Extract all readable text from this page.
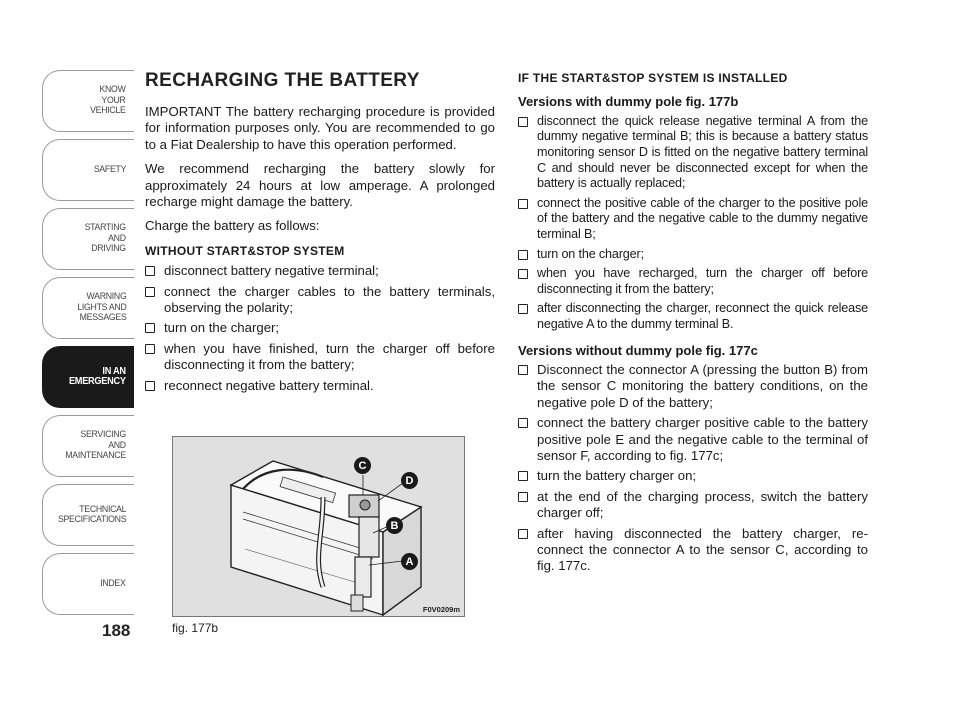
KNOW
YOUR
VEHICLE
SAFETY
STARTING
AND
DRIVING
WARNING
LIGHTS AND
MESSAGES
IN AN
EMERGENCY
SERVICING
AND
MAINTENANCE
TECHNICAL
SPECIFICATIONS
INDEX
188
RECHARGING THE BATTERY

IMPORTANT The battery recharging procedure is provided for information purposes only. You are recommended to go to a Fiat Dealership to have this operation performed.

We recommend recharging the battery slowly for approximately 24 hours at low amperage. A prolonged recharge might damage the battery.

Charge the battery as follows:

WITHOUT START&STOP SYSTEM
disconnect battery negative terminal;
connect the charger cables to the battery terminals, observing the polarity;
turn on the charger;
when you have finished, turn the charger off before disconnecting it from the battery;
reconnect negative battery terminal.
C
D
B
A
F0V0209m
fig. 177b
IF THE START&STOP SYSTEM IS INSTALLED
Versions with dummy pole fig. 177b
disconnect the quick release negative terminal A from the dummy negative terminal B; this is because a battery status monitoring sensor D is fitted on the negative battery terminal C and should never be disconnected except for when the battery is actually replaced;
connect the positive cable of the charger to the positive pole of the battery and the negative cable to the dummy negative terminal B;
turn on the charger;
when you have recharged, turn the charger off before disconnecting it from the battery;
after disconnecting the charger, reconnect the quick release negative A to the dummy terminal B.
Versions without dummy pole fig. 177c
Disconnect the connector A (pressing the button B) from the sensor C monitoring the battery conditions, on the negative pole D of the battery;
connect the battery charger positive cable to the battery positive pole E and the negative cable to the terminal of sensor F, according to fig. 177c;
turn the battery charger on;
at the end of the charging process, switch the battery charger off;
after having disconnected the battery charger, re-connect the connector A to the sensor C, according to fig. 177c.
